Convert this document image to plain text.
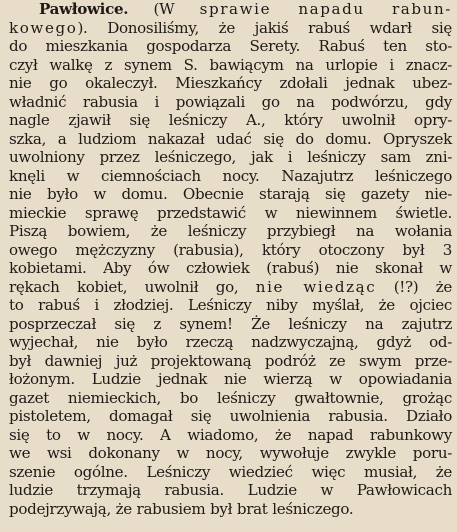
Pawłowice. (W sprawie napadu rabun-
kowego). Donosiliśmy, że jakiś rabuś wdarł się
do mieszkania gospodarza Serety. Rabuś ten sto-
czył walkę z synem S. bawiącym na urlopie i znacz-
nie go okaleczył. Mieszkańcy zdołali jednak ubez-
władnić rabusia i powiązali go na podwórzu, gdy
nagle zjawił się leśniczy A., który uwolnił opry-
szka, a ludziom nakazał udać się do domu. Opryszek
uwolniony przez leśniczego, jak i leśniczy sam zni-
knęli w ciemnościach nocy. Nazajutrz leśniczego
nie było w domu. Obecnie starają się gazety nie-
mieckie sprawę przedstawić w niewinnem świetle.
Piszą bowiem, że leśniczy przybiegł na wołania
owego mężczyzny (rabusia), który otoczony był 3
kobietami. Aby ów człowiek (rabuś) nie skonał w
rękach kobiet, uwolnił go, nie wiedząc (!?) że
to rabuś i złodziej. Leśniczy niby myślał, że ojciec
posprzeczał się z synem! Że leśniczy na zajutrz
wyjechał, nie było rzeczą nadzwyczajną, gdyż od-
był dawniej już projektowaną podróż ze swym prze-
łożonym. Ludzie jednak nie wierzą w opowiadania
gazet niemieckich, bo leśniczy gwałtownie, grożąc
pistoletem, domagał się uwolnienia rabusia. Działo
się to w nocy. A wiadomo, że napad rabunkowy
we wsi dokonany w nocy, wywołuje zwykle poru-
szenie ogólne. Leśniczy wiedzieć więc musiał, że
ludzie trzymają rabusia. Ludzie w Pawłowicach
podejrzywają, że rabusiem był brat leśniczego.
